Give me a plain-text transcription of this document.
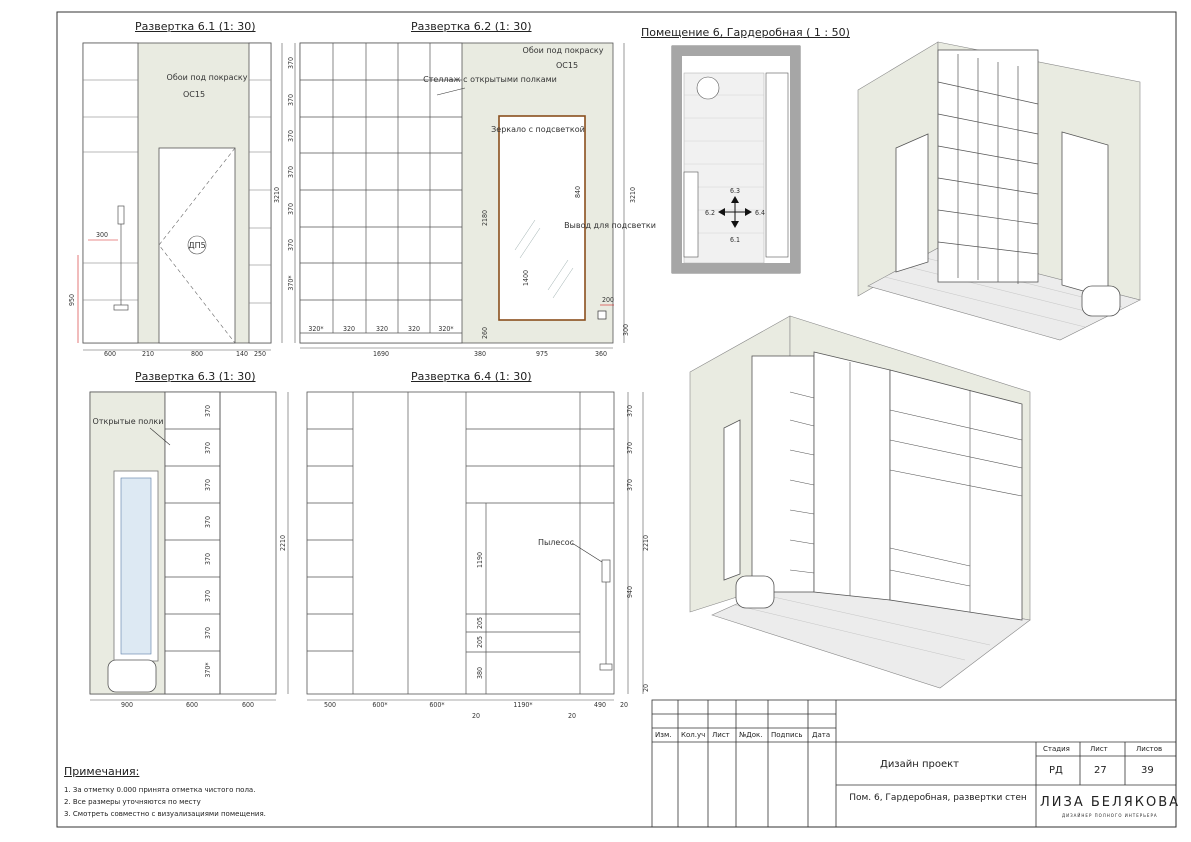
ДП5
Обои под покраску
ОС15
300
950
3210
600	210	800	140 250
Зеркало с подсветкой
Вывод для подсветки
Стеллаж с открытыми полками
Обои под покраску
ОС15
840
1400
200
370
370
370
370
370
370
370*
320*	320	320	320	320*
2180
260
3210
300
1690	380	975	360
6.3
6.2	6.4
6.1
Открытые полки
370
370
370
370
370
370
370
370*
2210
900	600	600
Пылесос
1190
205
205
380
370
370
370
940
2210
20
500	600*	600*	1190*	490 20
20	20
Развертка 6.1 (1: 30)	Развертка 6.2 (1: 30)	Помещение 6, Гардеробная ( 1 : 50)
Развертка 6.3 (1: 30)	Развертка 6.4 (1: 30)
Примечания:
1. За отметку 0.000 принята отметка чистого пола.
2. Все размеры уточняются по месту
3. Смотреть совместно с визуализациями помещения.
Изм. Кол.уч Лист №Док. Подпись Дата
Дизайн проект
Пом. 6, Гардеробная, развертки стен
Стадия	Лист	Листов
РД	27	39
ЛИЗА БЕЛЯКОВА
ДИЗАЙНЕР ПОЛНОГО ИНТЕРЬЕРА
